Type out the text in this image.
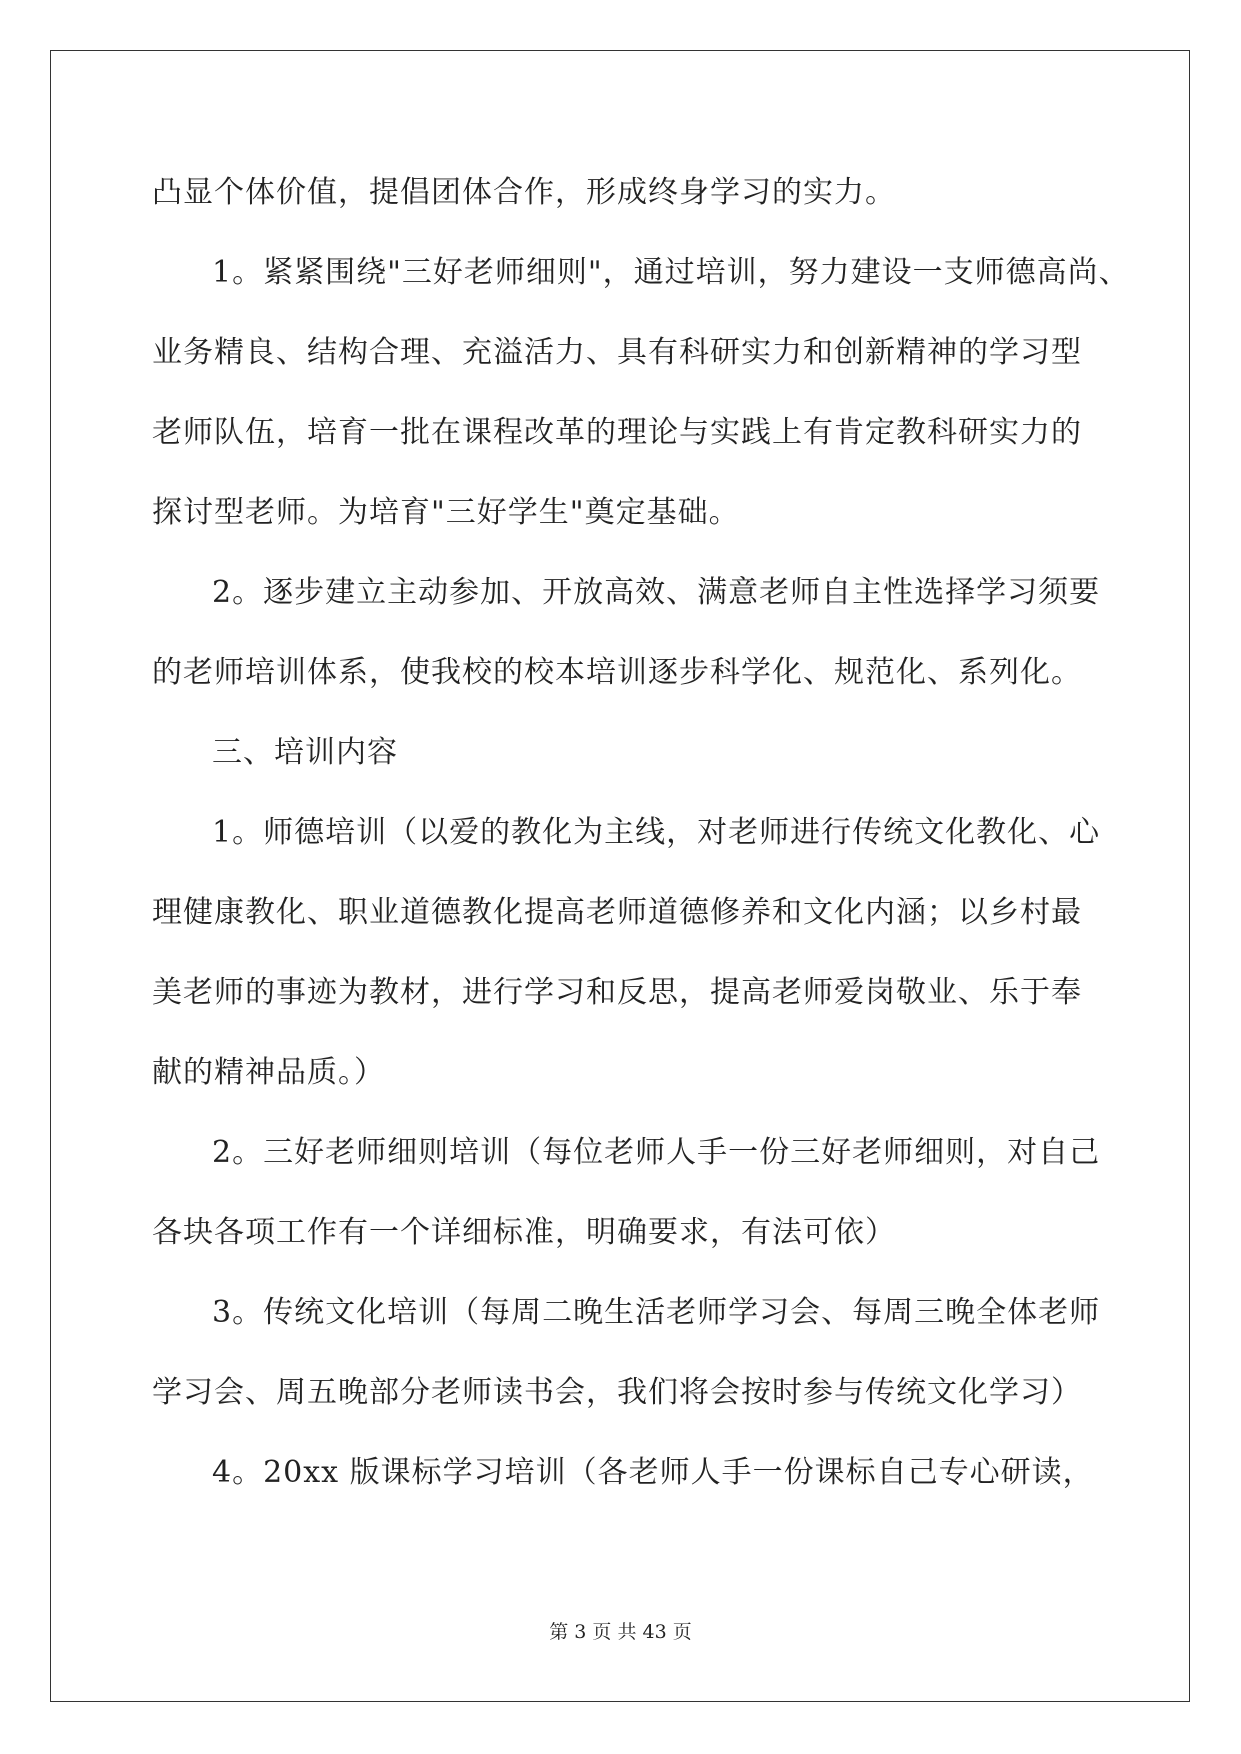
凸显个体价值，提倡团体合作，形成终身学习的实力。
1。紧紧围绕"三好老师细则"，通过培训，努力建设一支师德高尚、
业务精良、结构合理、充溢活力、具有科研实力和创新精神的学习型
老师队伍，培育一批在课程改革的理论与实践上有肯定教科研实力的
探讨型老师。为培育"三好学生"奠定基础。
2。逐步建立主动参加、开放高效、满意老师自主性选择学习须要
的老师培训体系，使我校的校本培训逐步科学化、规范化、系列化。
三、培训内容
1。师德培训（以爱的教化为主线，对老师进行传统文化教化、心
理健康教化、职业道德教化提高老师道德修养和文化内涵；以乡村最
美老师的事迹为教材，进行学习和反思，提高老师爱岗敬业、乐于奉
献的精神品质。）
2。三好老师细则培训（每位老师人手一份三好老师细则，对自己
各块各项工作有一个详细标准，明确要求，有法可依）
3。传统文化培训（每周二晚生活老师学习会、每周三晚全体老师
学习会、周五晚部分老师读书会，我们将会按时参与传统文化学习）
4。20xx 版课标学习培训（各老师人手一份课标自己专心研读，
第 3 页 共 43 页
